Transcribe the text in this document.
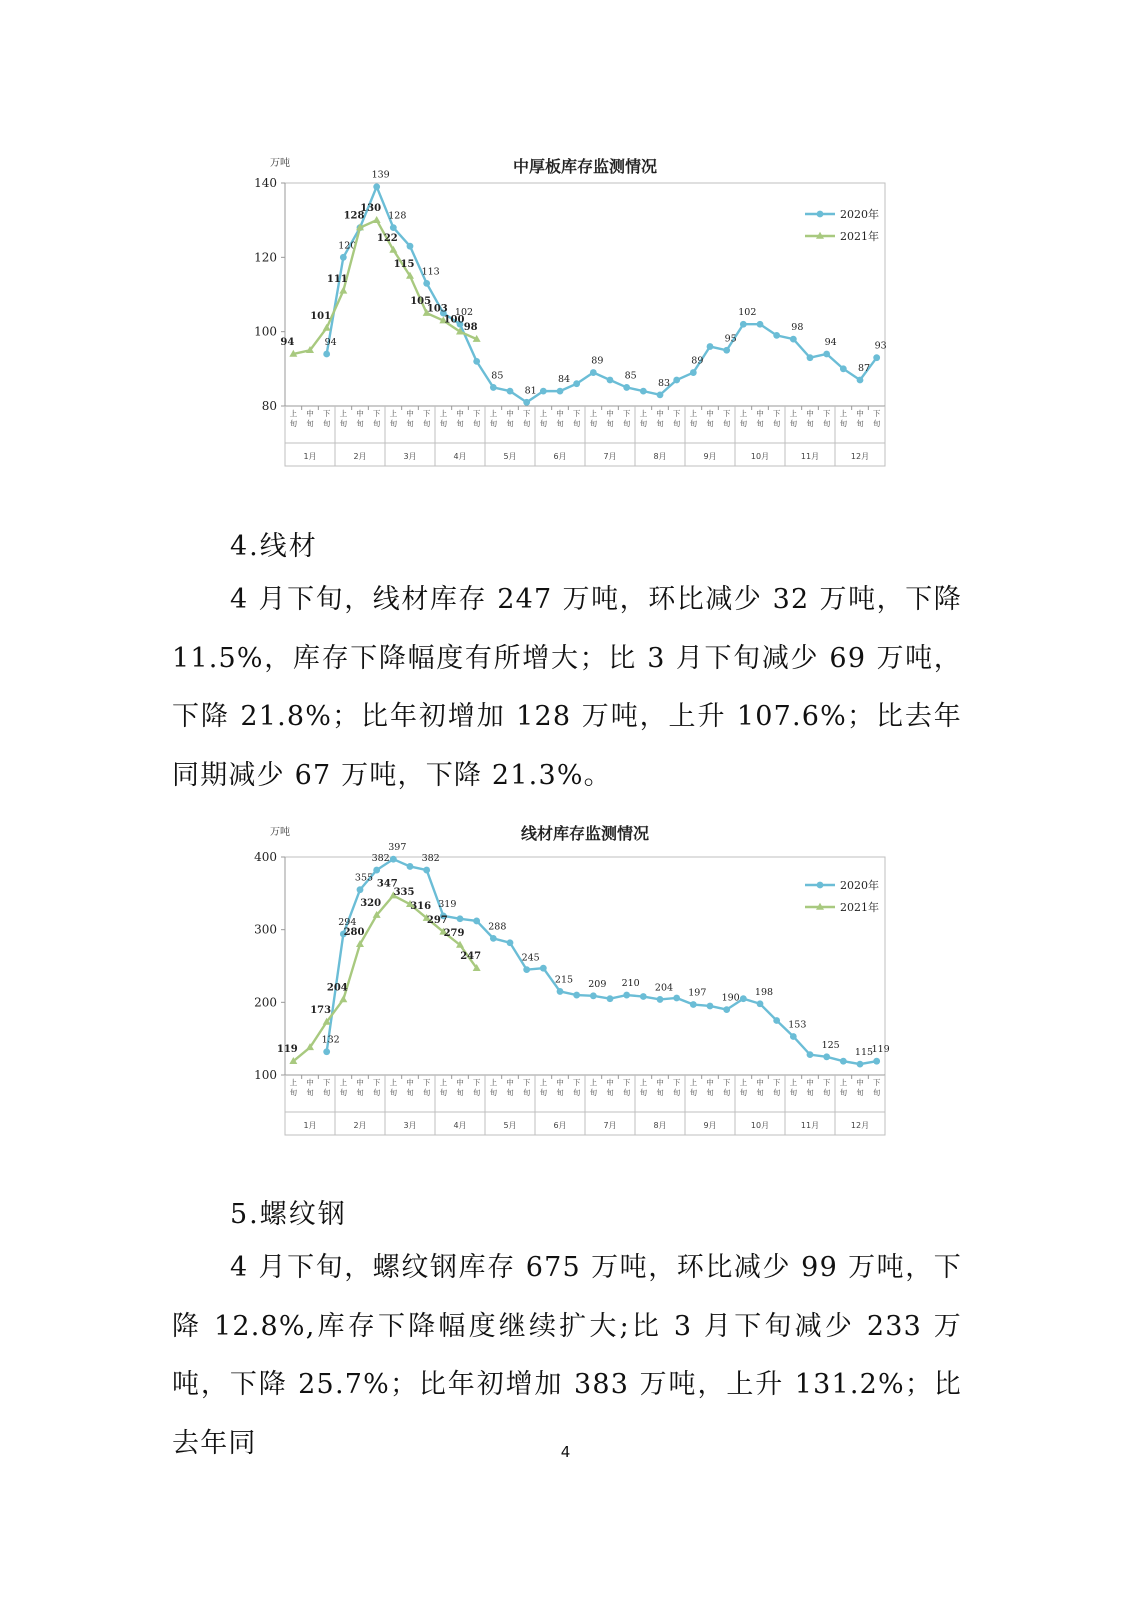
中厚板库存监测情况
万吨
80
100
120
140
上旬
中旬
下旬
上旬
中旬
下旬
上旬
中旬
下旬
上旬
中旬
下旬
上旬
中旬
下旬
上旬
中旬
下旬
上旬
中旬
下旬
上旬
中旬
下旬
上旬
中旬
下旬
上旬
中旬
下旬
上旬
中旬
下旬
上旬
中旬
下旬
1月	2月	3月	4月	5月	6月	7月	8月	9月	10月	11月	12月
94
120
139
128
113
102
85
81
84
89
85
83
89
95
102
98
94
87
93
94
101
111
128
130
122
115
105
103
100
98
2020年
2021年
4.线材

4 月下旬，线材库存 247 万吨，环比减少 32 万吨，下降 11.5%，库存下降幅度有所增大；比 3 月下旬减少 69 万吨，下降 21.8%；比年初增加 128 万吨，上升 107.6%；比去年同期减少 67 万吨，下降 21.3%。

线材库存监测情况
万吨
100
200
300
400
上旬
中旬
下旬
上旬
中旬
下旬
上旬
中旬
下旬
上旬
中旬
下旬
上旬
中旬
下旬
上旬
中旬
下旬
上旬
中旬
下旬
上旬
中旬
下旬
上旬
中旬
下旬
上旬
中旬
下旬
上旬
中旬
下旬
上旬
中旬
下旬
1月	2月	3月	4月	5月	6月	7月	8月	9月	10月	11月	12月
132
294
355
382
397
382
319
288
245
215 209 210 204 197 190
198
153
125
115
119
119
173
204
280
320
347
335
316
297
279
247
2020年
2021年
5.螺纹钢

4 月下旬，螺纹钢库存 675 万吨，环比减少 99 万吨，下降 12.8%,库存下降幅度继续扩大;比 3 月下旬减少 233 万吨，下降 25.7%；比年初增加 383 万吨，上升 131.2%；比去年同	4
